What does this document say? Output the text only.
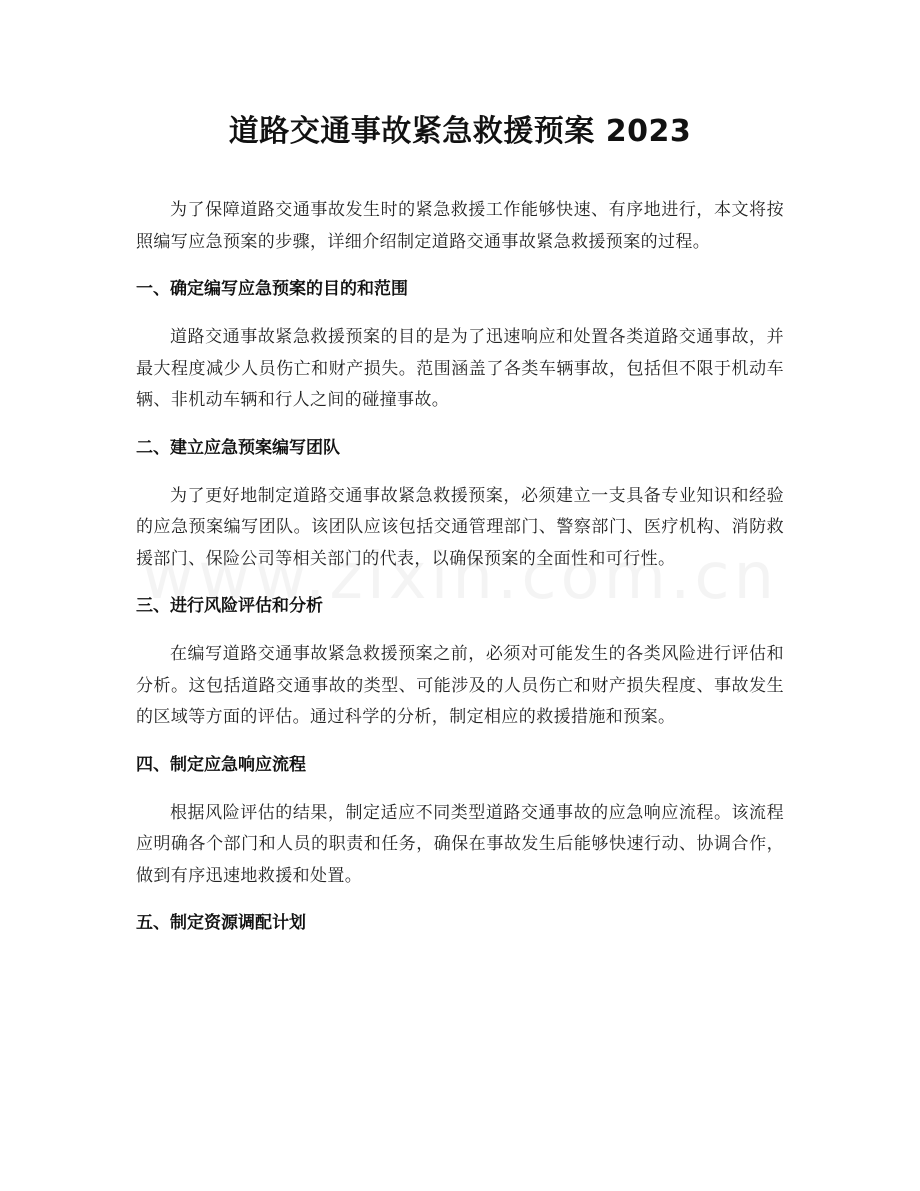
道路交通事故紧急救援预案 2023

为了保障道路交通事故发生时的紧急救援工作能够快速、有序地进行，本文将按照编写应急预案的步骤，详细介绍制定道路交通事故紧急救援预案的过程。

一、确定编写应急预案的目的和范围

道路交通事故紧急救援预案的目的是为了迅速响应和处置各类道路交通事故，并最大程度减少人员伤亡和财产损失。范围涵盖了各类车辆事故，包括但不限于机动车辆、非机动车辆和行人之间的碰撞事故。

二、建立应急预案编写团队

为了更好地制定道路交通事故紧急救援预案，必须建立一支具备专业知识和经验的应急预案编写团队。该团队应该包括交通管理部门、警察部门、医疗机构、消防救援部门、保险公司等相关部门的代表，以确保预案的全面性和可行性。

三、进行风险评估和分析

在编写道路交通事故紧急救援预案之前，必须对可能发生的各类风险进行评估和分析。这包括道路交通事故的类型、可能涉及的人员伤亡和财产损失程度、事故发生的区域等方面的评估。通过科学的分析，制定相应的救援措施和预案。

四、制定应急响应流程

根据风险评估的结果，制定适应不同类型道路交通事故的应急响应流程。该流程应明确各个部门和人员的职责和任务，确保在事故发生后能够快速行动、协调合作，做到有序迅速地救援和处置。

五、制定资源调配计划
